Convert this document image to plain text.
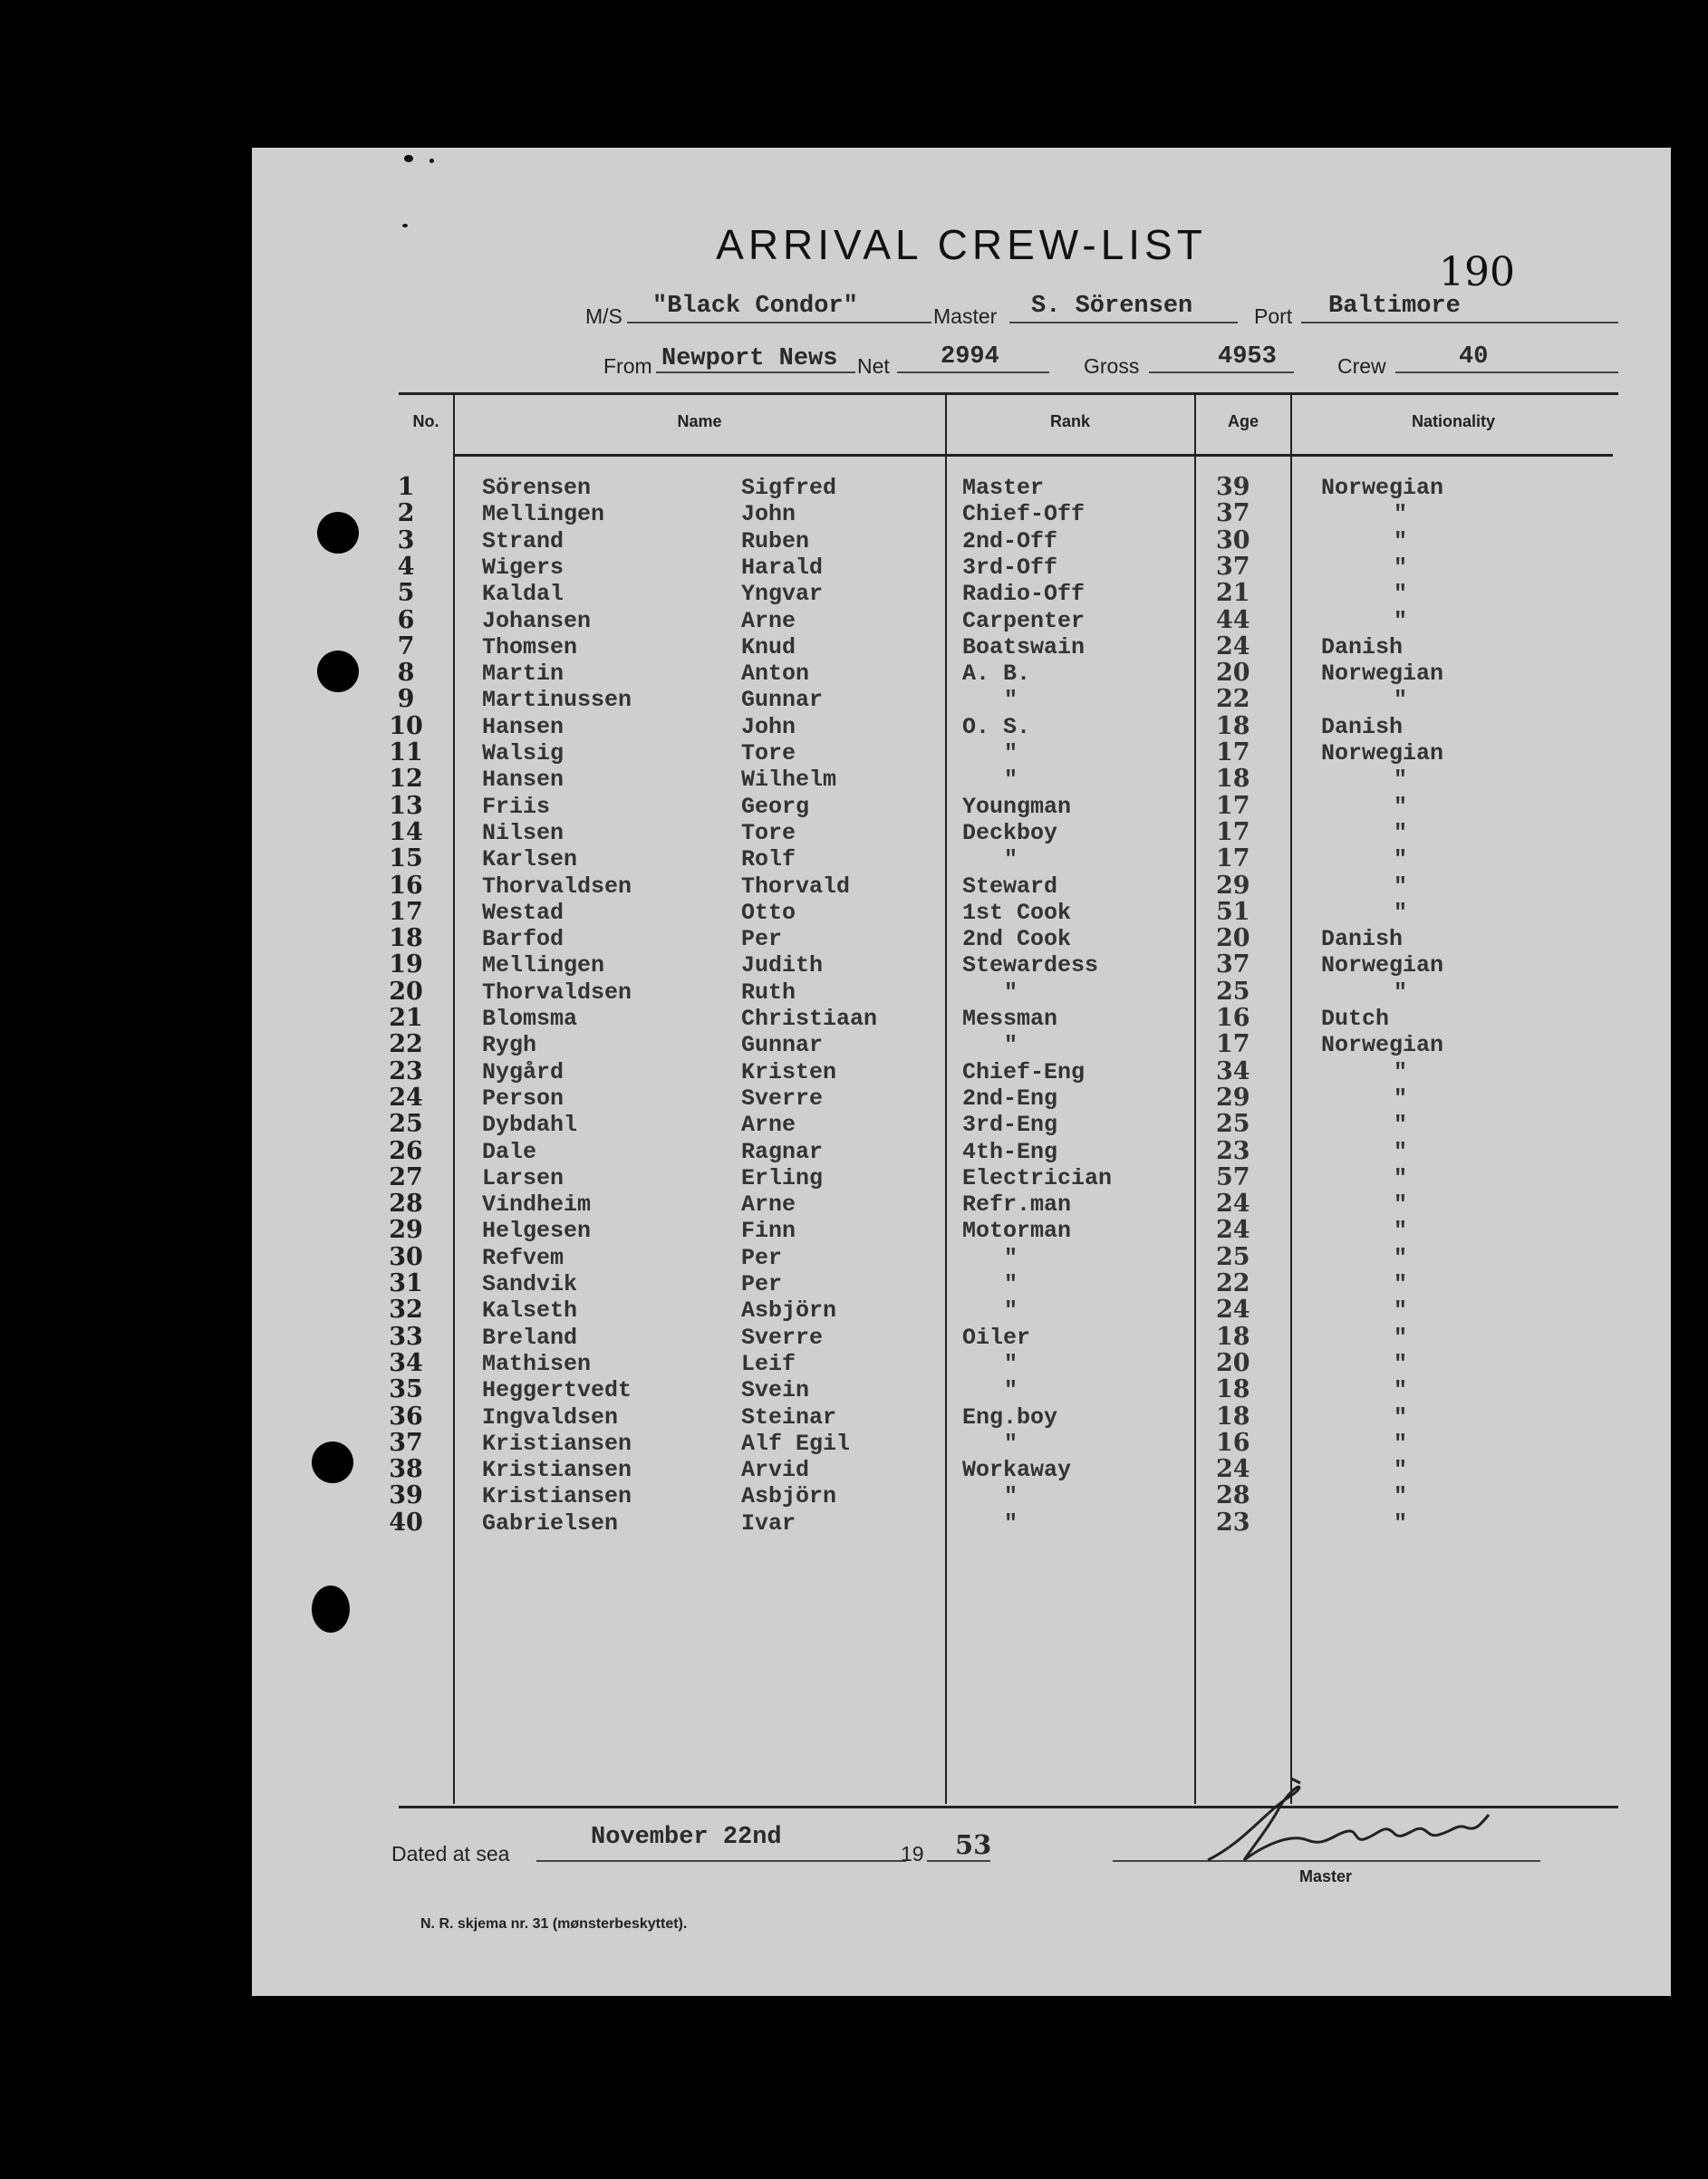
ARRIVAL CREW-LIST
190
M/S "Black Condor"	Master S. Sörensen	Port Baltimore
From Newport News Net 2994	Gross	4953	Crew	40
No.	Name	Rank	Age	Nationality
1	Sörensen	Sigfred	Master	39	Norwegian
2	Mellingen	John	Chief-Off	37	"
3	Strand	Ruben	2nd-Off	30	"
4	Wigers	Harald	3rd-Off	37	"
5	Kaldal	Yngvar	Radio-Off	21	"
6	Johansen	Arne	Carpenter	44	"
7	Thomsen	Knud	Boatswain	24	Danish
8	Martin	Anton	A. B.	20	Norwegian
9	Martinussen	Gunnar	"	22	"
10	Hansen	John	O. S.	18	Danish
11	Walsig	Tore	"	17	Norwegian
12	Hansen	Wilhelm	"	18	"
13	Friis	Georg	Youngman	17	"
14	Nilsen	Tore	Deckboy	17	"
15	Karlsen	Rolf	"	17	"
16	Thorvaldsen	Thorvald	Steward	29	"
17	Westad	Otto	1st Cook	51	"
18	Barfod	Per	2nd Cook	20	Danish
19	Mellingen	Judith	Stewardess	37	Norwegian
20	Thorvaldsen	Ruth	"	25	"
21	Blomsma	Christiaan	Messman	16	Dutch
22	Rygh	Gunnar	"	17	Norwegian
23	Nygård	Kristen	Chief-Eng	34	"
24	Person	Sverre	2nd-Eng	29	"
25	Dybdahl	Arne	3rd-Eng	25	"
26	Dale	Ragnar	4th-Eng	23	"
27	Larsen	Erling	Electrician	57	"
28	Vindheim	Arne	Refr.man	24	"
29	Helgesen	Finn	Motorman	24	"
30	Refvem	Per	"	25	"
31	Sandvik	Per	"	22	"
32	Kalseth	Asbjörn	"	24	"
33	Breland	Sverre	Oiler	18	"
34	Mathisen	Leif	"	20	"
35	Heggertvedt	Svein	"	18	"
36	Ingvaldsen	Steinar	Eng.boy	18	"
37	Kristiansen	Alf Egil	"	16	"
38	Kristiansen	Arvid	Workaway	24	"
39	Kristiansen	Asbjörn	"	28	"
40	Gabrielsen	Ivar	"	23	"
Dated at sea
November 22nd
19 53
Master
N. R. skjema nr. 31 (mønsterbeskyttet).
